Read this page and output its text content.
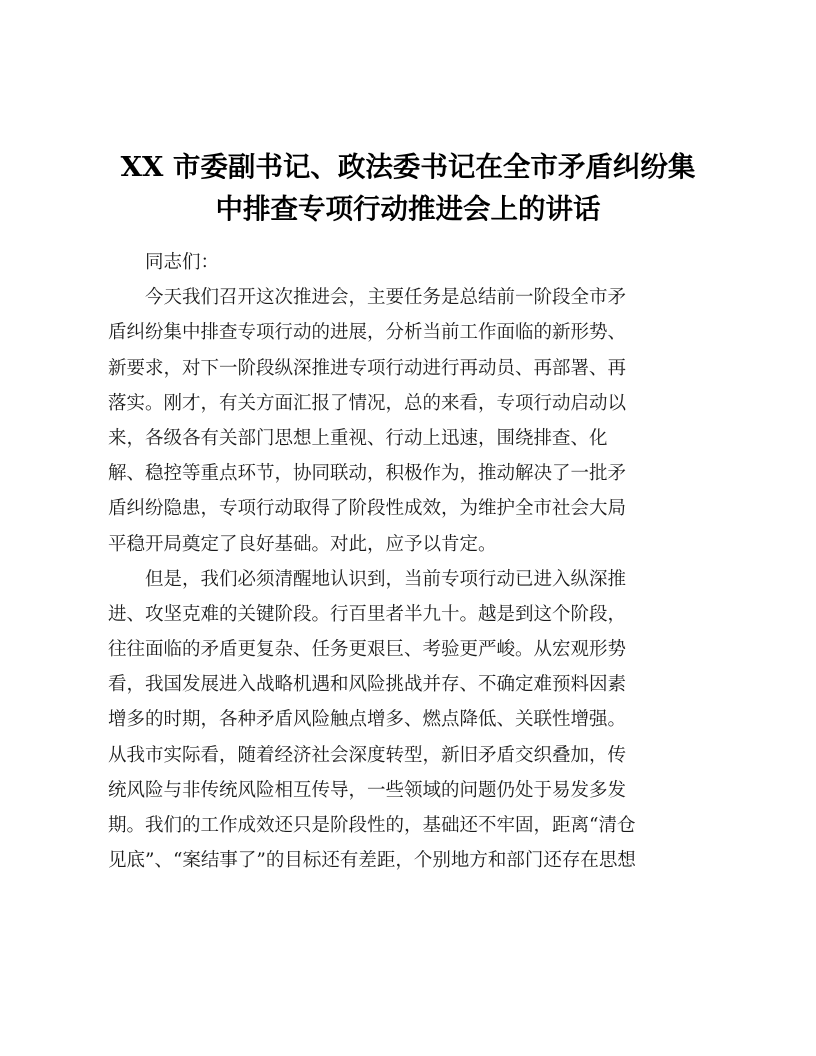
XX 市委副书记、政法委书记在全市矛盾纠纷集
中排查专项行动推进会上的讲话
同志们：
今天我们召开这次推进会，主要任务是总结前一阶段全市矛
盾纠纷集中排查专项行动的进展，分析当前工作面临的新形势、
新要求，对下一阶段纵深推进专项行动进行再动员、再部署、再
落实。刚才，有关方面汇报了情况，总的来看，专项行动启动以
来，各级各有关部门思想上重视、行动上迅速，围绕排查、化
解、稳控等重点环节，协同联动，积极作为，推动解决了一批矛
盾纠纷隐患，专项行动取得了阶段性成效，为维护全市社会大局
平稳开局奠定了良好基础。对此，应予以肯定。
但是，我们必须清醒地认识到，当前专项行动已进入纵深推
进、攻坚克难的关键阶段。行百里者半九十。越是到这个阶段，
往往面临的矛盾更复杂、任务更艰巨、考验更严峻。从宏观形势
看，我国发展进入战略机遇和风险挑战并存、不确定难预料因素
增多的时期，各种矛盾风险触点增多、燃点降低、关联性增强。
从我市实际看，随着经济社会深度转型，新旧矛盾交织叠加，传
统风险与非传统风险相互传导，一些领域的问题仍处于易发多发
期。我们的工作成效还只是阶段性的，基础还不牢固，距离“清仓
见底”、“案结事了”的目标还有差距，个别地方和部门还存在思想
